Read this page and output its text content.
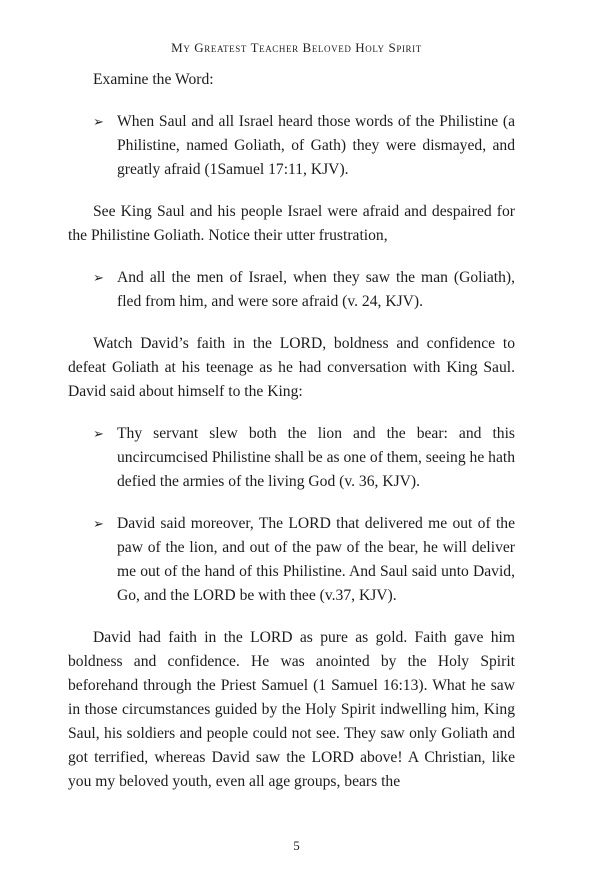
My Greatest Teacher Beloved Holy Spirit

Examine the Word:

➢ When Saul and all Israel heard those words of the Philistine (a Philistine, named Goliath, of Gath) they were dismayed, and greatly afraid (1Samuel 17:11, KJV).

See King Saul and his people Israel were afraid and despaired for the Philistine Goliath. Notice their utter frustration,

➢ And all the men of Israel, when they saw the man (Goliath), fled from him, and were sore afraid (v. 24, KJV).

Watch David’s faith in the LORD, boldness and confidence to defeat Goliath at his teenage as he had conversation with King Saul. David said about himself to the King:

➢ Thy servant slew both the lion and the bear: and this uncircumcised Philistine shall be as one of them, seeing he hath defied the armies of the living God (v. 36, KJV).
➢ David said moreover, The LORD that delivered me out of the paw of the lion, and out of the paw of the bear, he will deliver me out of the hand of this Philistine. And Saul said unto David, Go, and the LORD be with thee (v.37, KJV).

David had faith in the LORD as pure as gold. Faith gave him boldness and confidence. He was anointed by the Holy Spirit beforehand through the Priest Samuel (1 Samuel 16:13). What he saw in those circumstances guided by the Holy Spirit indwelling him, King Saul, his soldiers and people could not see. They saw only Goliath and got terrified, whereas David saw the LORD above! A Christian, like you my beloved youth, even all age groups, bears the

5
